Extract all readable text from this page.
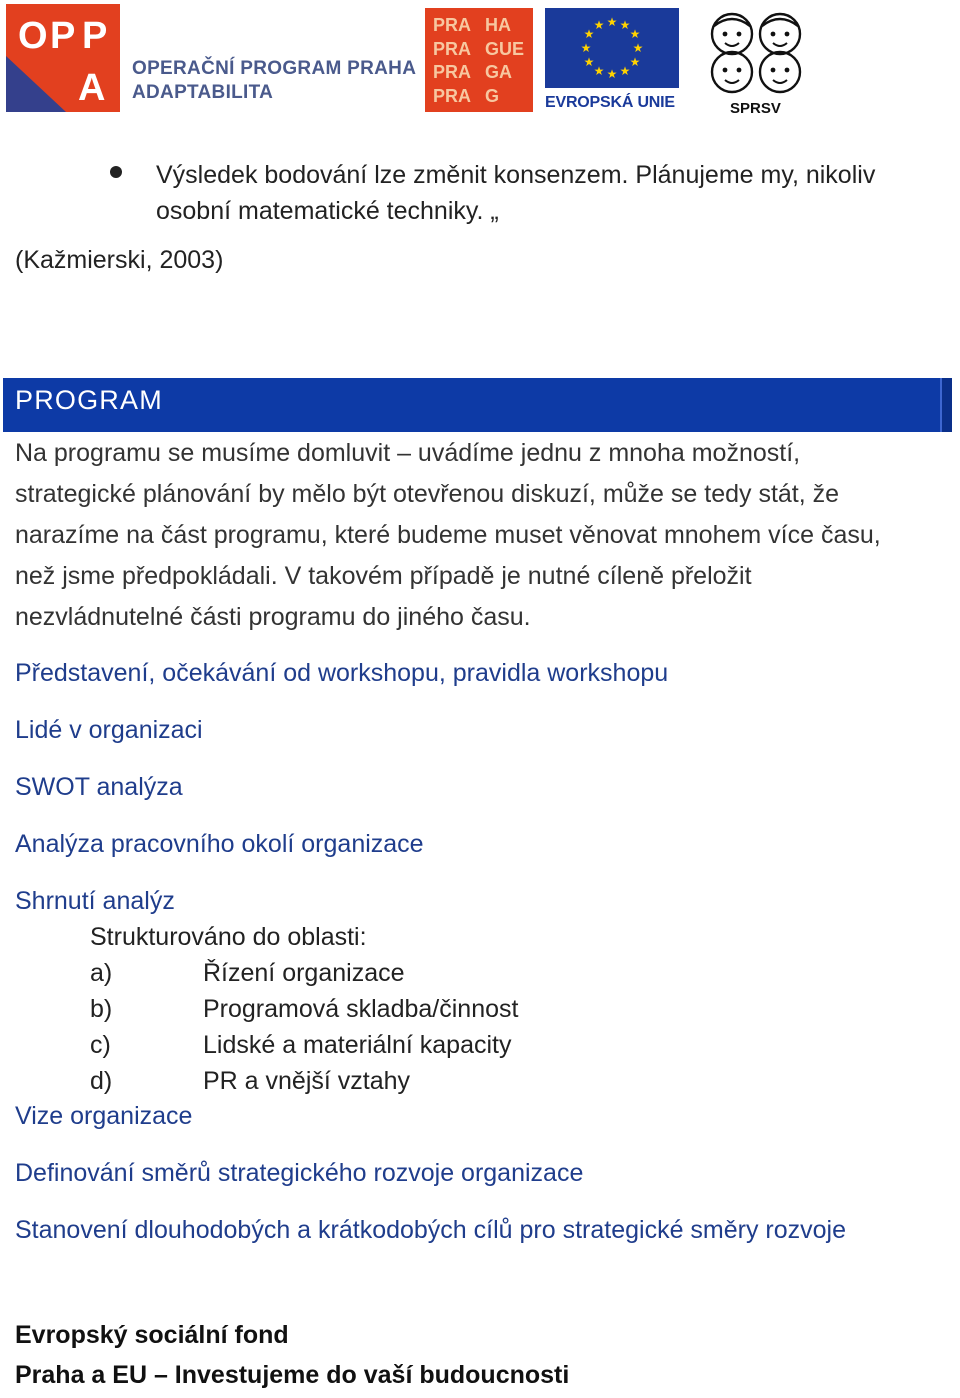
O P P
A OPERAČNÍ PROGRAM PRAHA
ADAPTABILITA
PRA
PRA
PRA
PRA
HA
GUE
GA
G
★ ★
★
★
★
★
★
★
★
★
★
★
EVROPSKÁ UNIE	SPRSV
Výsledek bodování lze změnit konsenzem. Plánujeme my, nikoliv
osobní matematické techniky. „
(Kažmierski, 2003)
PROGRAM
Na programu se musíme domluvit – uvádíme jednu z mnoha možností,
strategické plánování by mělo být otevřenou diskuzí, může se tedy stát, že
narazíme na část programu, které budeme muset věnovat mnohem více času,
než jsme předpokládali. V takovém případě je nutné cíleně přeložit
nezvládnutelné části programu do jiného času.
Představení, očekávání od workshopu, pravidla workshopu
Lidé v organizaci
SWOT analýza
Analýza pracovního okolí organizace
Shrnutí analýz
Strukturováno do oblasti:
a)	Řízení organizace
b)	Programová skladba/činnost
c)	Lidské a materiální kapacity
d)	PR a vnější vztahy
Vize organizace
Definování směrů strategického rozvoje organizace
Stanovení dlouhodobých a krátkodobých cílů pro strategické směry rozvoje
Evropský sociální fond
Praha a EU – Investujeme do vaší budoucnosti
